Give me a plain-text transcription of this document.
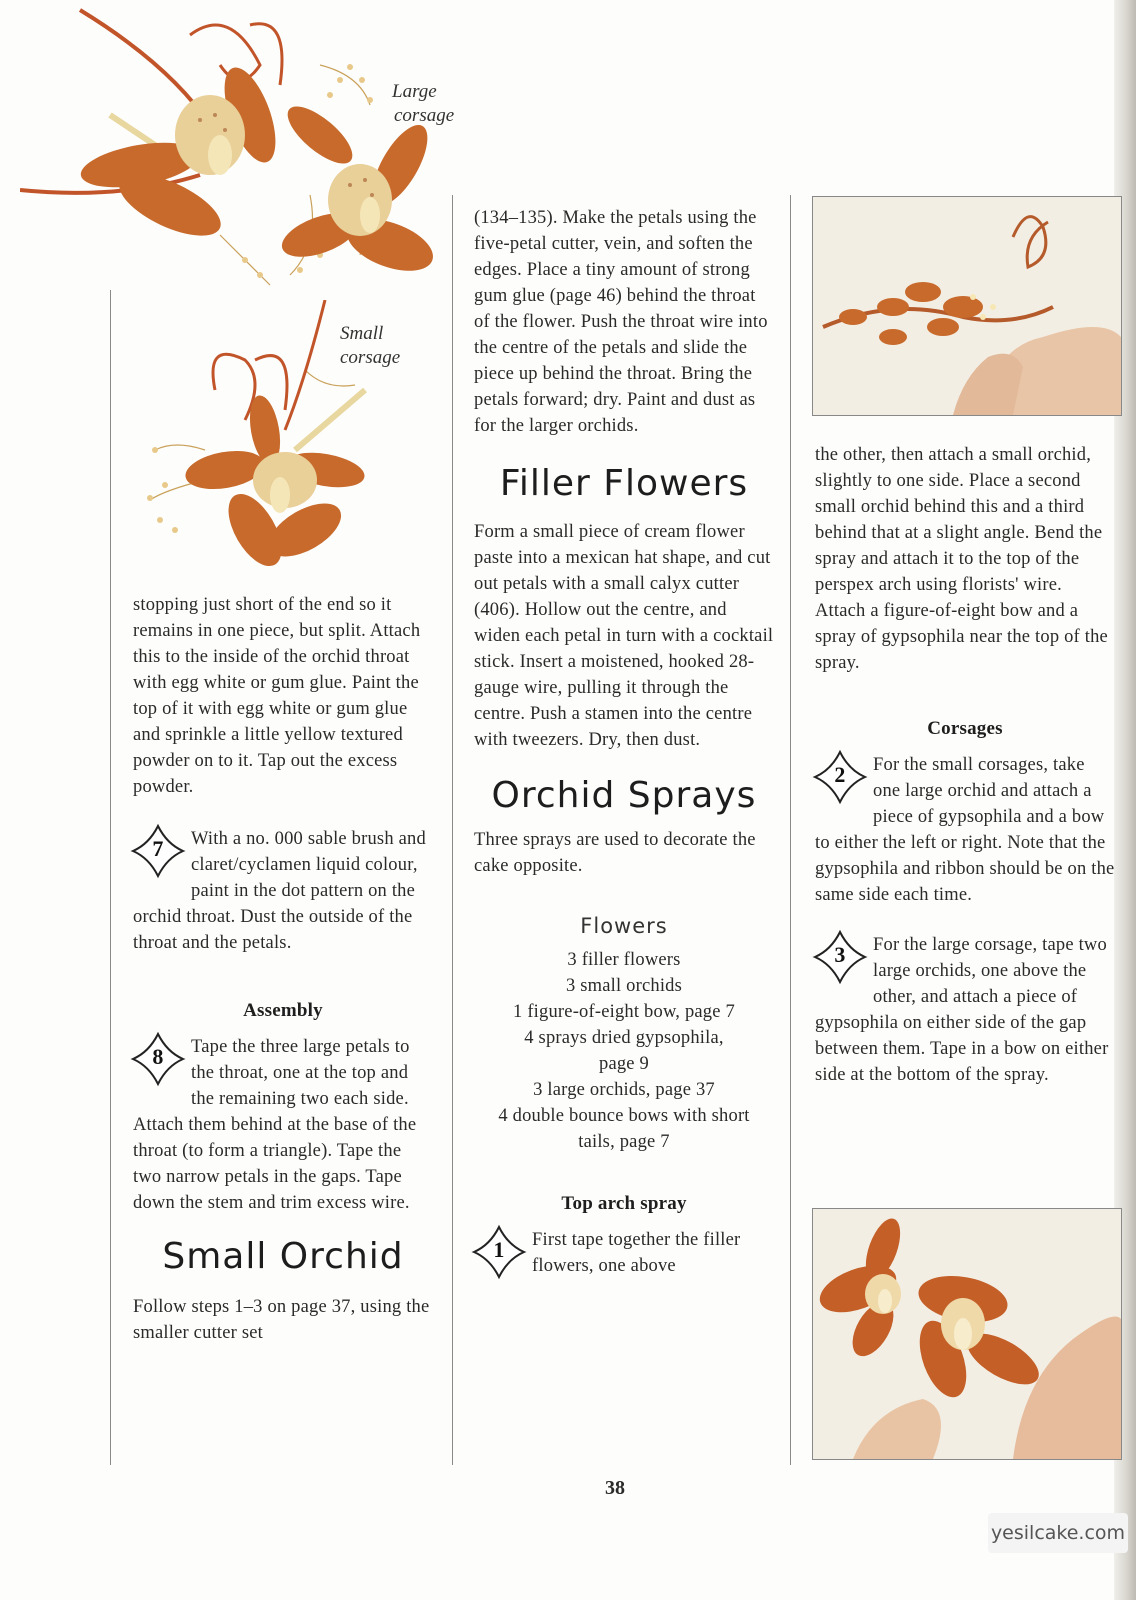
Large
corsage
Small
corsage

stopping just short of the end so it remains in one piece, but split. Attach this to the inside of the orchid throat with egg white or gum glue. Paint the top of it with egg white or gum glue and sprinkle a little yellow textured powder on to it. Tap out the excess powder.

7	With a no. 000 sable brush and claret/cyclamen liquid colour, paint in the dot pattern on the orchid throat. Dust the outside of the throat and the petals.

Assembly

8	Tape the three large petals to the throat, one at the top and the remaining two each side. Attach them behind at the base of the throat (to form a triangle). Tape the two narrow petals in the gaps. Tape down the stem and trim excess wire.

Small Orchid

Follow steps 1–3 on page 37, using the smaller cutter set

(134–135). Make the petals using the five-petal cutter, vein, and soften the edges. Place a tiny amount of strong gum glue (page 46) behind the throat of the flower. Push the throat wire into the centre of the petals and slide the piece up behind the throat. Bring the petals forward; dry. Paint and dust as for the larger orchids.

Filler Flowers

Form a small piece of cream flower paste into a mexican hat shape, and cut out petals with a small calyx cutter (406). Hollow out the centre, and widen each petal in turn with a cocktail stick. Insert a moistened, hooked 28-gauge wire, pulling it through the centre. Push a stamen into the centre with tweezers. Dry, then dust.

Orchid Sprays

Three sprays are used to decorate the cake opposite.

Flowers

3 filler flowers
3 small orchids
1 figure-of-eight bow, page 7
4 sprays dried gypsophila,
page 9
3 large orchids, page 37
4 double bounce bows with short
tails, page 7

Top arch spray

1	First tape together the filler flowers, one above

the other, then attach a small orchid, slightly to one side. Place a second small orchid behind this and a third behind that at a slight angle. Bend the spray and attach it to the top of the perspex arch using florists' wire. Attach a figure-of-eight bow and a spray of gypsophila near the top of the spray.

Corsages

2	For the small corsages, take one large orchid and attach a piece of gypsophila and a bow to either the left or right. Note that the gypsophila and ribbon should be on the same side each time.

3	For the large corsage, tape two large orchids, one above the other, and attach a piece of gypsophila on either side of the gap between them. Tape in a bow on either side at the bottom of the spray.

38
yesilcake.com
